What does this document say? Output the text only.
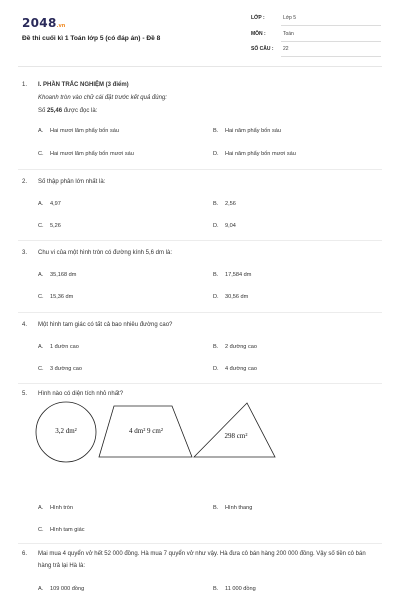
2048.vn
Đề thi cuối kì 1 Toán lớp 5 (có đáp án) - Đề 8
LỚP :	Lớp 5
MÔN :	Toán
SỐ CÂU : 22
1. I. PHẦN TRẮC NGHIỆM (3 điểm)
Khoanh tròn vào chữ cái đặt trước kết quả đúng:
Số 25,46 được đọc là:
A. Hai mươi lăm phẩy bốn sáu	B. Hai năm phẩy bốn sáu
C. Hai mươi lăm phẩy bốn mươi sáu	D. Hai năm phẩy bốn mươi sáu
2. Số thập phân lớn nhất là:
A. 4,97	B. 2,56
C. 5,26	D. 9,04
3. Chu vi của một hình tròn có đường kính 5,6 dm là:
A. 35,168 dm	B. 17,584 dm
C. 15,36 dm	D. 30,56 dm
4. Một hình tam giác có tất cả bao nhiêu đường cao?
A. 1 đườn cao	B. 2 đường cao
C. 3 đường cao	D. 4 đường cao
5. Hình nào có diện tích nhỏ nhất?
3,2 dm²	4 dm² 9 cm²
298 cm²
A. Hình tròn	B. Hình thang
C. Hình tam giác
6. Mai mua 4 quyển vở hết 52 000 đồng. Hà mua 7 quyển vở như vậy. Hà đưa cô bán hàng 200 000 đồng. Vậy số tiền cô bán hàng trả lại Hà là:
A. 109 000 đồng	B. 11 000 đồng
